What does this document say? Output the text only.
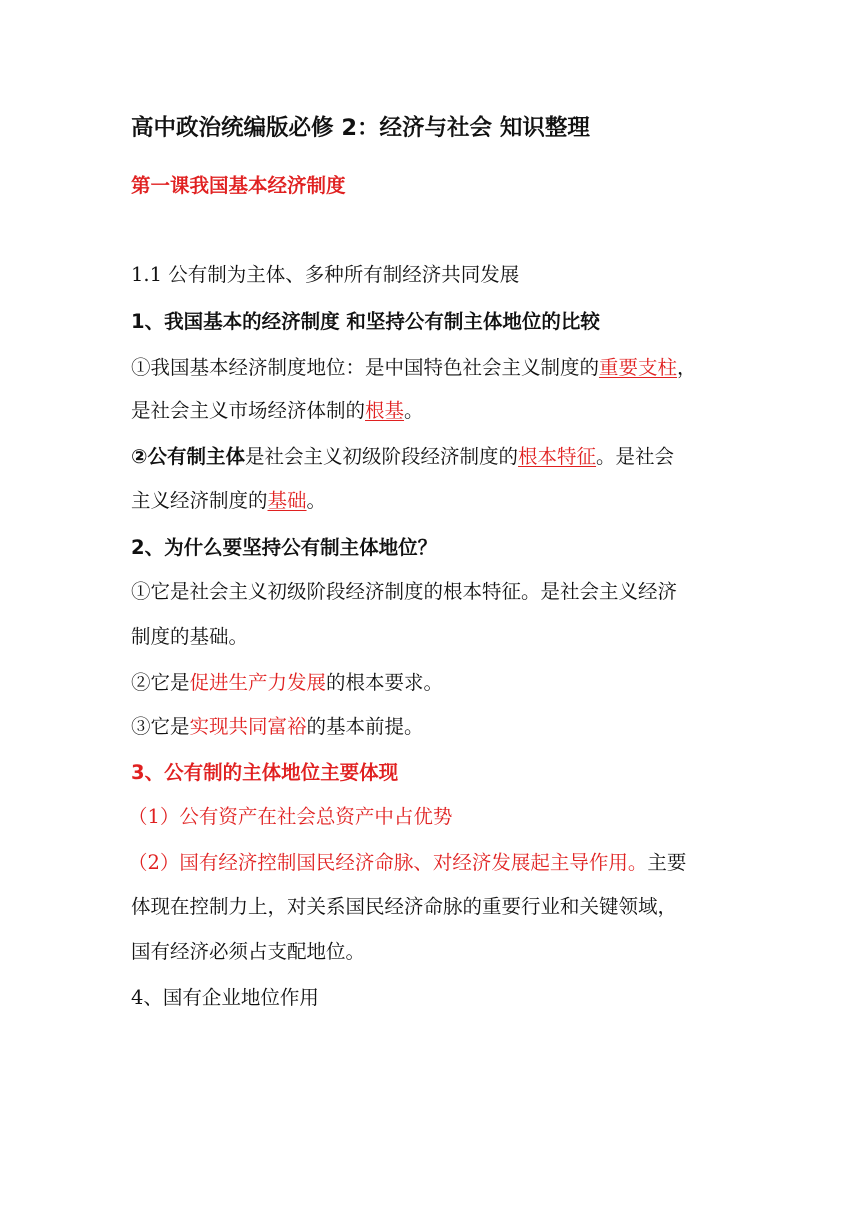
高中政治统编版必修 2：经济与社会 知识整理
第一课我国基本经济制度
1.1 公有制为主体、多种所有制经济共同发展
1、我国基本的经济制度 和坚持公有制主体地位的比较
①我国基本经济制度地位：是中国特色社会主义制度的重要支柱，
是社会主义市场经济体制的根基。
②公有制主体是社会主义初级阶段经济制度的根本特征。是社会
主义经济制度的基础。
2、为什么要坚持公有制主体地位？
①它是社会主义初级阶段经济制度的根本特征。是社会主义经济
制度的基础。
②它是促进生产力发展的根本要求。
③它是实现共同富裕的基本前提。
3、公有制的主体地位主要体现
（1）公有资产在社会总资产中占优势
（2）国有经济控制国民经济命脉、对经济发展起主导作用。主要
体现在控制力上，对关系国民经济命脉的重要行业和关键领域，
国有经济必须占支配地位。
4、国有企业地位作用
